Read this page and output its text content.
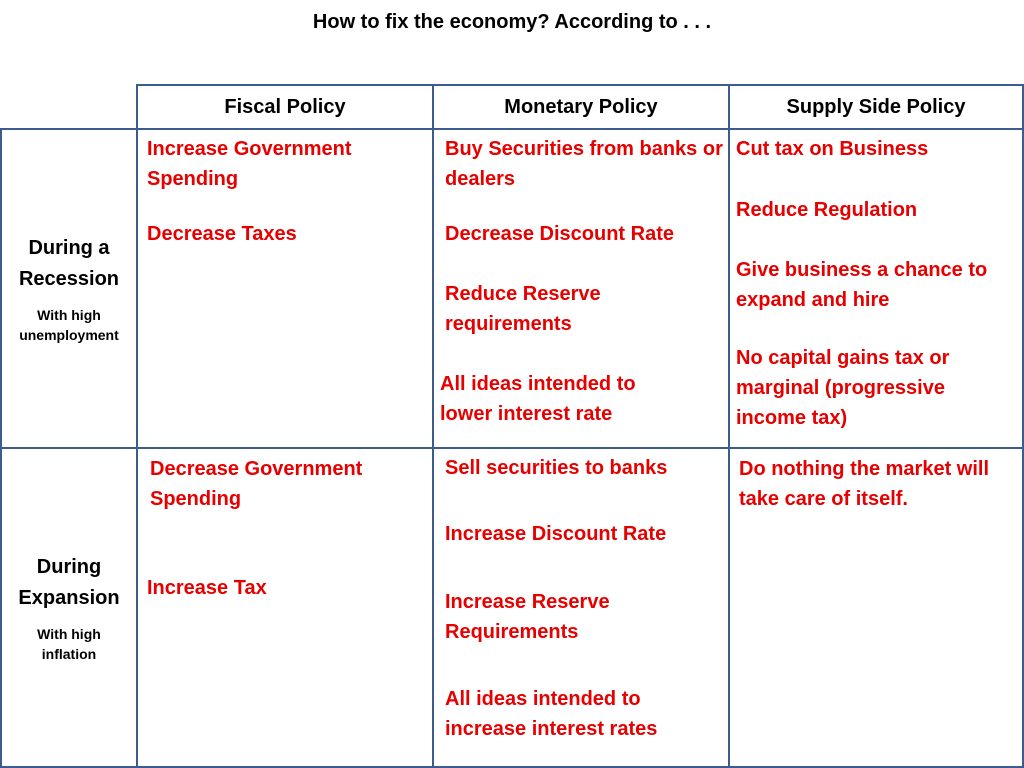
How to fix the economy? According to . . .
Fiscal Policy	Monetary Policy	Supply Side Policy
During a Recession
With high unemployment
During Expansion
With high inflation
Increase Government Spending
Decrease Taxes
Buy Securities from banks or dealers
Decrease Discount Rate
Reduce Reserve requirements
All ideas intended to lower interest rate
Cut tax on Business
Reduce Regulation
Give business a chance to expand and hire
No capital gains tax or marginal (progressive income tax)
Decrease Government Spending
Increase Tax
Sell securities to banks
Increase Discount Rate
Increase Reserve Requirements
All ideas intended to increase interest rates
Do nothing the market will take care of itself.
